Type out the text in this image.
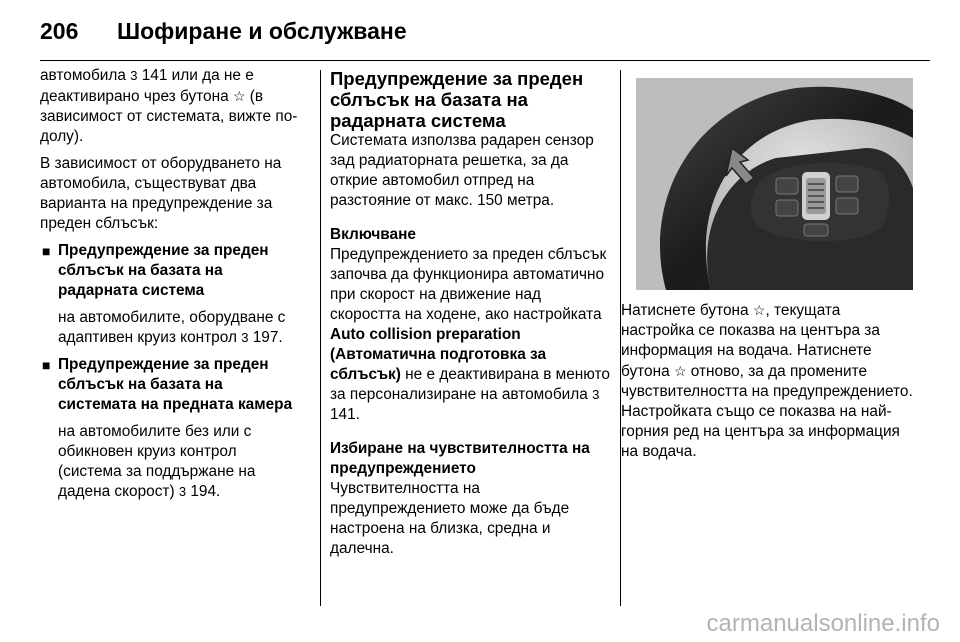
206 Шофиране и обслужване

автомобила 3 141 или да не е деактивирано чрез бутона ☆ (в зависимост от системата, вижте по-долу).

В зависимост от оборудването на автомобила, съществуват два варианта на предупреждение за преден сблъсък:

■ Предупреждение за преден сблъсък на базата на радарната система
на автомобилите, оборудване с адаптивен круиз контрол 3 197.
■ Предупреждение за преден сблъсък на базата на системата на предната камера
на автомобилите без или с обикновен круиз контрол (система за поддържане на дадена скорост) 3 194.
Предупреждение за преден сблъсък на базата на радарната система

Системата използва радарен сензор зад радиаторната решетка, за да открие автомобил отпред на разстояние от макс. 150 метра.

Включване

Предупреждението за преден сблъсък започва да функционира автоматично при скорост на движение над скоростта на ходене, ако настройката Auto collision preparation (Автоматична подготовка за сблъсък) не е деактивирана в менюто за персонализиране на автомобила 3 141.

Избиране на чувствителността на предупреждението

Чувствителността на предупреждението може да бъде настроена на близка, средна и далечна.

Натиснете бутона ☆, текущата настройка се показва на центъра за информация на водача. Натиснете бутона ☆ отново, за да промените чувствителността на предупреждението. Настройката също се показва на най-горния ред на центъра за информация на водача.

carmanualsonline.info
